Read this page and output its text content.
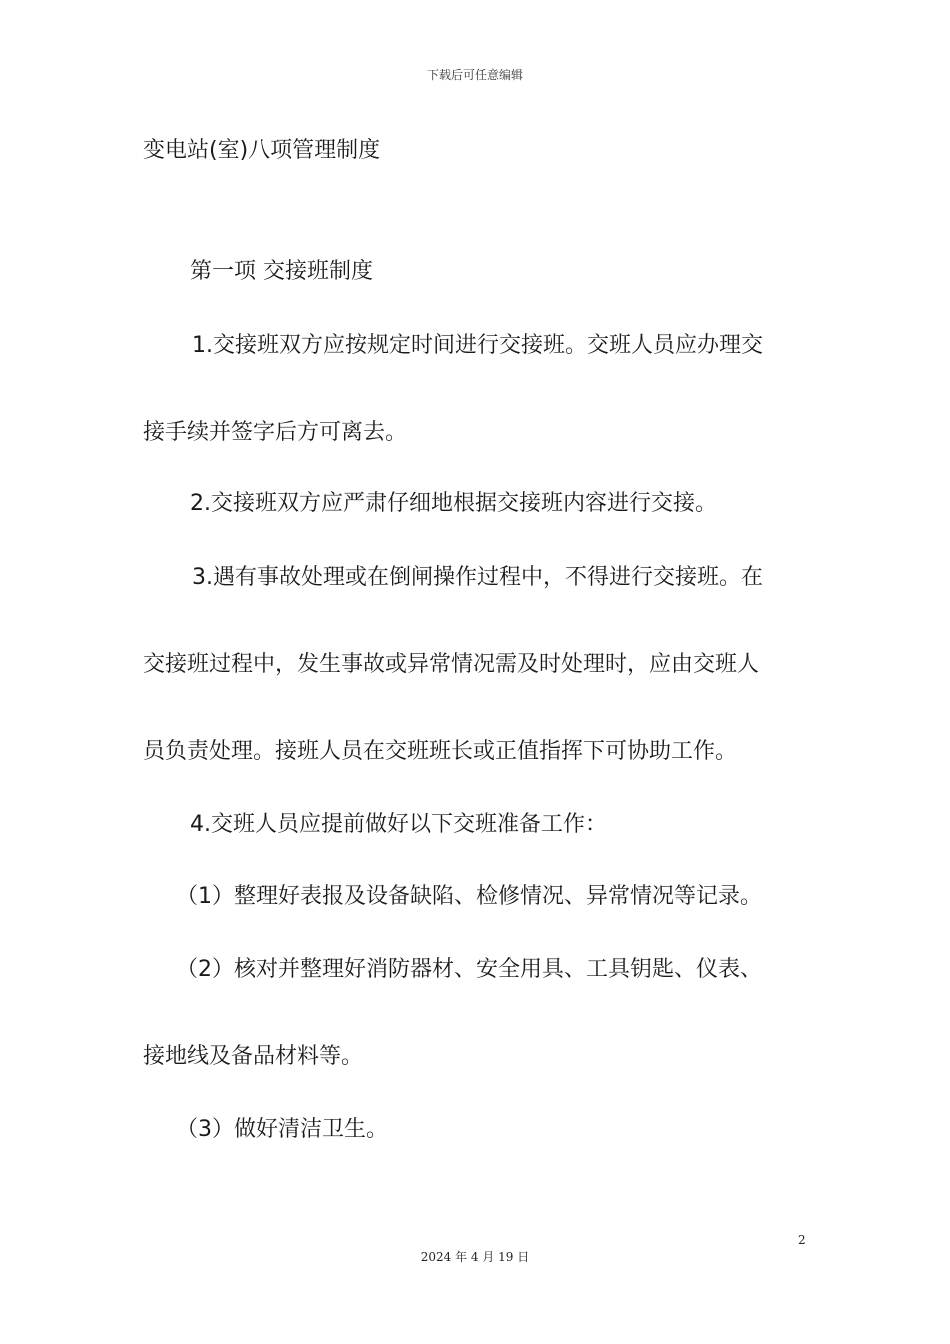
下载后可任意编辑
变电站(室)八项管理制度
第一项 交接班制度
1.交接班双方应按规定时间进行交接班。交班人员应办理交
接手续并签字后方可离去。
2.交接班双方应严肃仔细地根据交接班内容进行交接。
3.遇有事故处理或在倒闸操作过程中，不得进行交接班。在
交接班过程中，发生事故或异常情况需及时处理时，应由交班人
员负责处理。接班人员在交班班长或正值指挥下可协助工作。
4.交班人员应提前做好以下交班准备工作：
（1）整理好表报及设备缺陷、检修情况、异常情况等记录。
（2）核对并整理好消防器材、安全用具、工具钥匙、仪表、
接地线及备品材料等。
（3）做好清洁卫生。
2
2024 年 4 月 19 日
